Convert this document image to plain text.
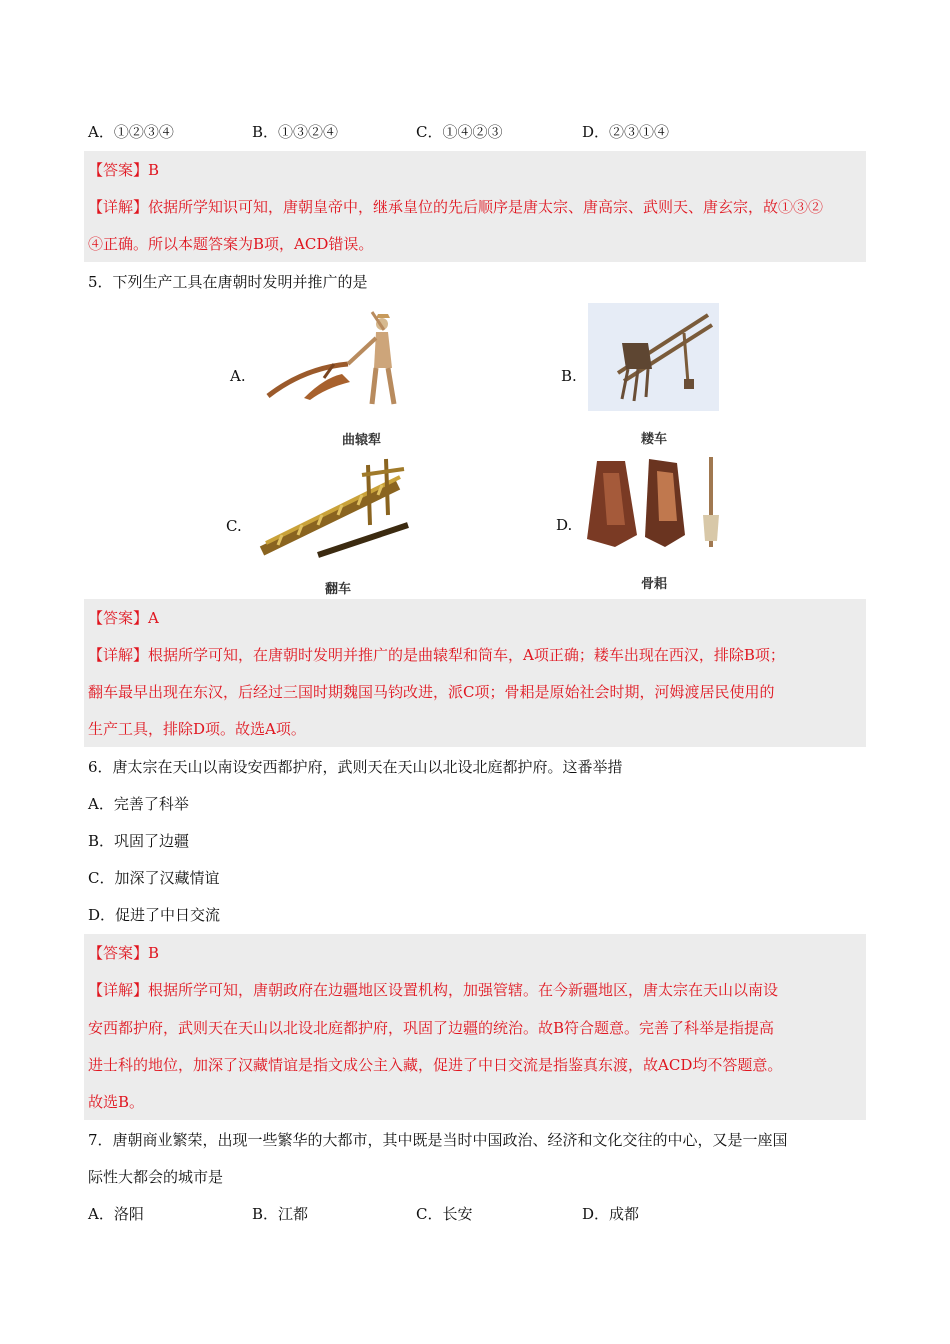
A．①②③④	B．①③②④	C．①④②③	D．②③①④
【答案】B
【详解】依据所学知识可知，唐朝皇帝中，继承皇位的先后顺序是唐太宗、唐高宗、武则天、唐玄宗，故①③②
④正确。所以本题答案为B项，ACD错误。
5．下列生产工具在唐朝时发明并推广的是
A.
曲辕犁
B.
耧车
C.
翻车
D.
骨耜
【答案】A
【详解】根据所学可知，在唐朝时发明并推广的是曲辕犁和筒车，A项正确；耧车出现在西汉，排除B项；
翻车最早出现在东汉，后经过三国时期魏国马钧改进，派C项；骨耜是原始社会时期，河姆渡居民使用的
生产工具，排除D项。故选A项。
6．唐太宗在天山以南设安西都护府，武则天在天山以北设北庭都护府。这番举措
A．完善了科举
B．巩固了边疆
C．加深了汉藏情谊
D．促进了中日交流
【答案】B
【详解】根据所学可知，唐朝政府在边疆地区设置机构，加强管辖。在今新疆地区，唐太宗在天山以南设
安西都护府，武则天在天山以北设北庭都护府，巩固了边疆的统治。故B符合题意。完善了科举是指提高
进士科的地位，加深了汉藏情谊是指文成公主入藏，促进了中日交流是指鉴真东渡，故ACD均不答题意。
故选B。
7．唐朝商业繁荣，出现一些繁华的大都市，其中既是当时中国政治、经济和文化交往的中心，又是一座国
际性大都会的城市是
A．洛阳	B．江都	C．长安	D．成都
